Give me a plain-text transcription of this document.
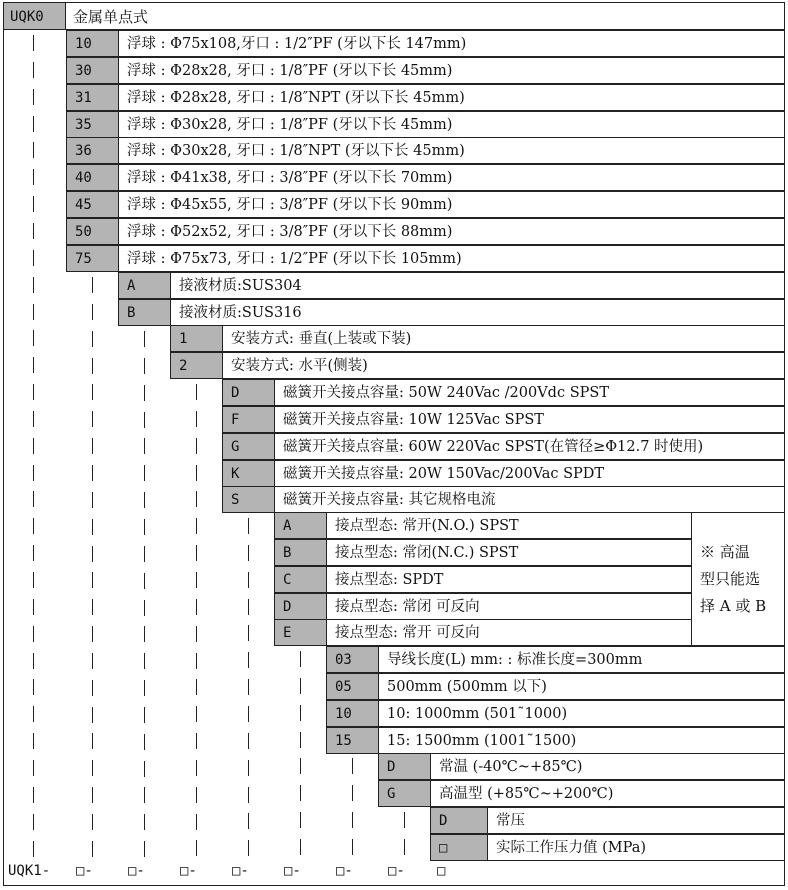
UQK0	金属单点式
10	浮球 : Φ75x108,牙口 : 1/2″PF (牙以下长 147mm)
30	浮球 : Φ28x28, 牙口 : 1/8″PF (牙以下长 45mm)
31	浮球 : Φ28x28, 牙口 : 1/8″NPT (牙以下长 45mm)
35	浮球 : Φ30x28, 牙口 : 1/8″PF (牙以下长 45mm)
36	浮球 : Φ30x28, 牙口 : 1/8″NPT (牙以下长 45mm)
40	浮球 : Φ41x38, 牙口 : 3/8″PF (牙以下长 70mm)
45	浮球 : Φ45x55, 牙口 : 3/8″PF (牙以下长 90mm)
50	浮球 : Φ52x52, 牙口 : 3/8″PF (牙以下长 88mm)
75	浮球 : Φ75x73, 牙口 : 1/2″PF (牙以下长 105mm)
A	接液材质:SUS304
B	接液材质:SUS316
1	安装方式: 垂直(上装或下装)
2	安装方式: 水平(侧装)
D	磁簧开关接点容量: 50W 240Vac /200Vdc SPST
F	磁簧开关接点容量: 10W 125Vac SPST
G	磁簧开关接点容量: 60W 220Vac SPST(在管径≥Φ12.7 时使用)
K	磁簧开关接点容量: 20W 150Vac/200Vac SPDT
S	磁簧开关接点容量: 其它规格电流
A	接点型态: 常开(N.O.) SPST
B	接点型态: 常闭(N.C.) SPST
C	接点型态: SPDT
D	接点型态: 常闭 可反向
E	接点型态: 常开 可反向
03	导线长度(L) mm: : 标准长度=300mm
05	500mm (500mm 以下)
10	10: 1000mm (501˜1000)
15	15: 1500mm (1001˜1500)
D	常温 (-40℃~+85℃)
G	高温型 (+85℃~+200℃)
D	常压
□	实际工作压力值 (MPa)
※ 高温
型只能选
择 A 或 B
UQK1- □-	□-	□-	□-	□-	□-	□- □
